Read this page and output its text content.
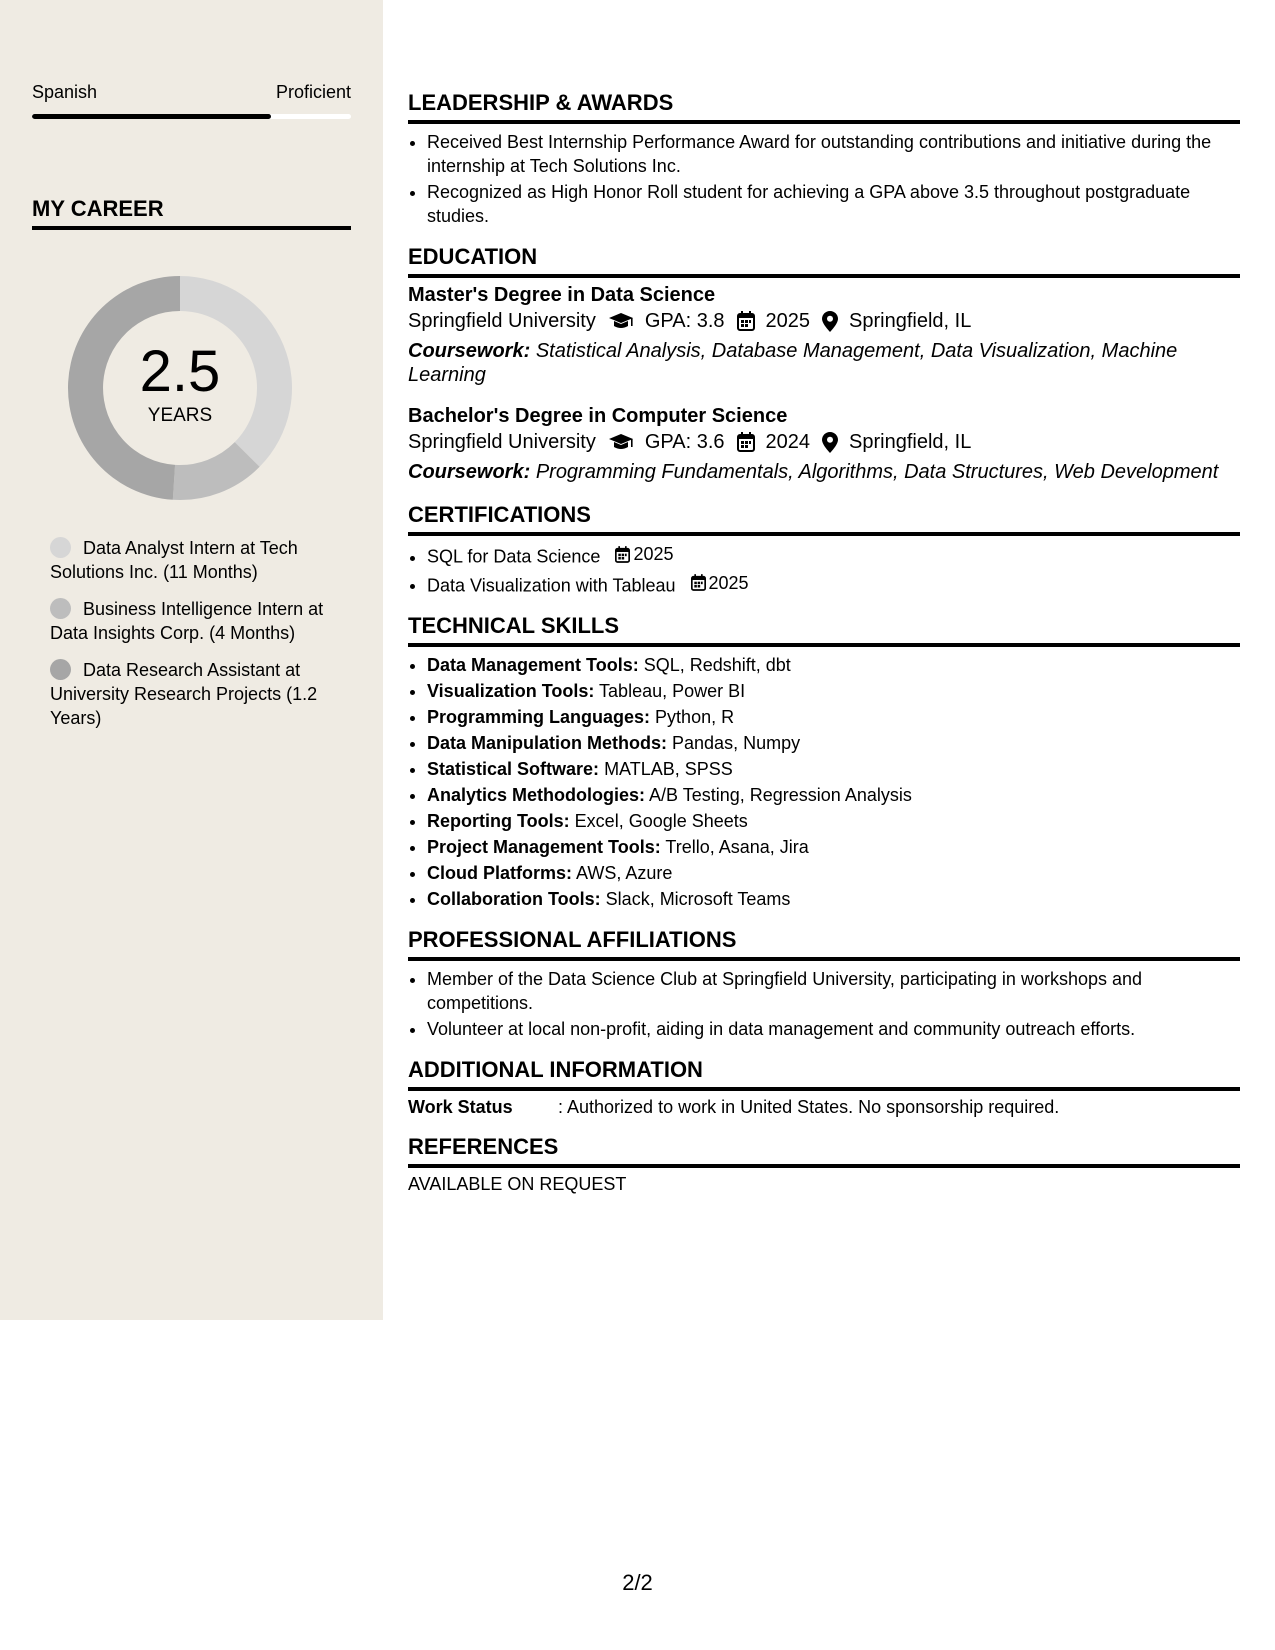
Spanish	Proficient
MY CAREER
2.5
YEARS
Data Analyst Intern at Tech Solutions Inc. (11 Months)
Business Intelligence Intern at Data Insights Corp. (4 Months)
Data Research Assistant at University Research Projects (1.2 Years)
LEADERSHIP & AWARDS
• Received Best Internship Performance Award for outstanding contributions and initiative during the internship at Tech Solutions Inc.
• Recognized as High Honor Roll student for achieving a GPA above 3.5 throughout postgraduate studies.
EDUCATION
Master's Degree in Data Science
Springfield University GPA: 3.8 2025 Springfield, IL
Coursework: Statistical Analysis, Database Management, Data Visualization, Machine Learning
Bachelor's Degree in Computer Science
Springfield University GPA: 3.6 2024 Springfield, IL
Coursework: Programming Fundamentals, Algorithms, Data Structures, Web Development
CERTIFICATIONS
• SQL for Data Science 2025
• Data Visualization with Tableau 2025
TECHNICAL SKILLS
• Data Management Tools: SQL, Redshift, dbt
• Visualization Tools: Tableau, Power BI
• Programming Languages: Python, R
• Data Manipulation Methods: Pandas, Numpy
• Statistical Software: MATLAB, SPSS
• Analytics Methodologies: A/B Testing, Regression Analysis
• Reporting Tools: Excel, Google Sheets
• Project Management Tools: Trello, Asana, Jira
• Cloud Platforms: AWS, Azure
• Collaboration Tools: Slack, Microsoft Teams
PROFESSIONAL AFFILIATIONS
• Member of the Data Science Club at Springfield University, participating in workshops and competitions.
• Volunteer at local non-profit, aiding in data management and community outreach efforts.
ADDITIONAL INFORMATION
Work Status	: Authorized to work in United States. No sponsorship required.
REFERENCES
AVAILABLE ON REQUEST
2/2
